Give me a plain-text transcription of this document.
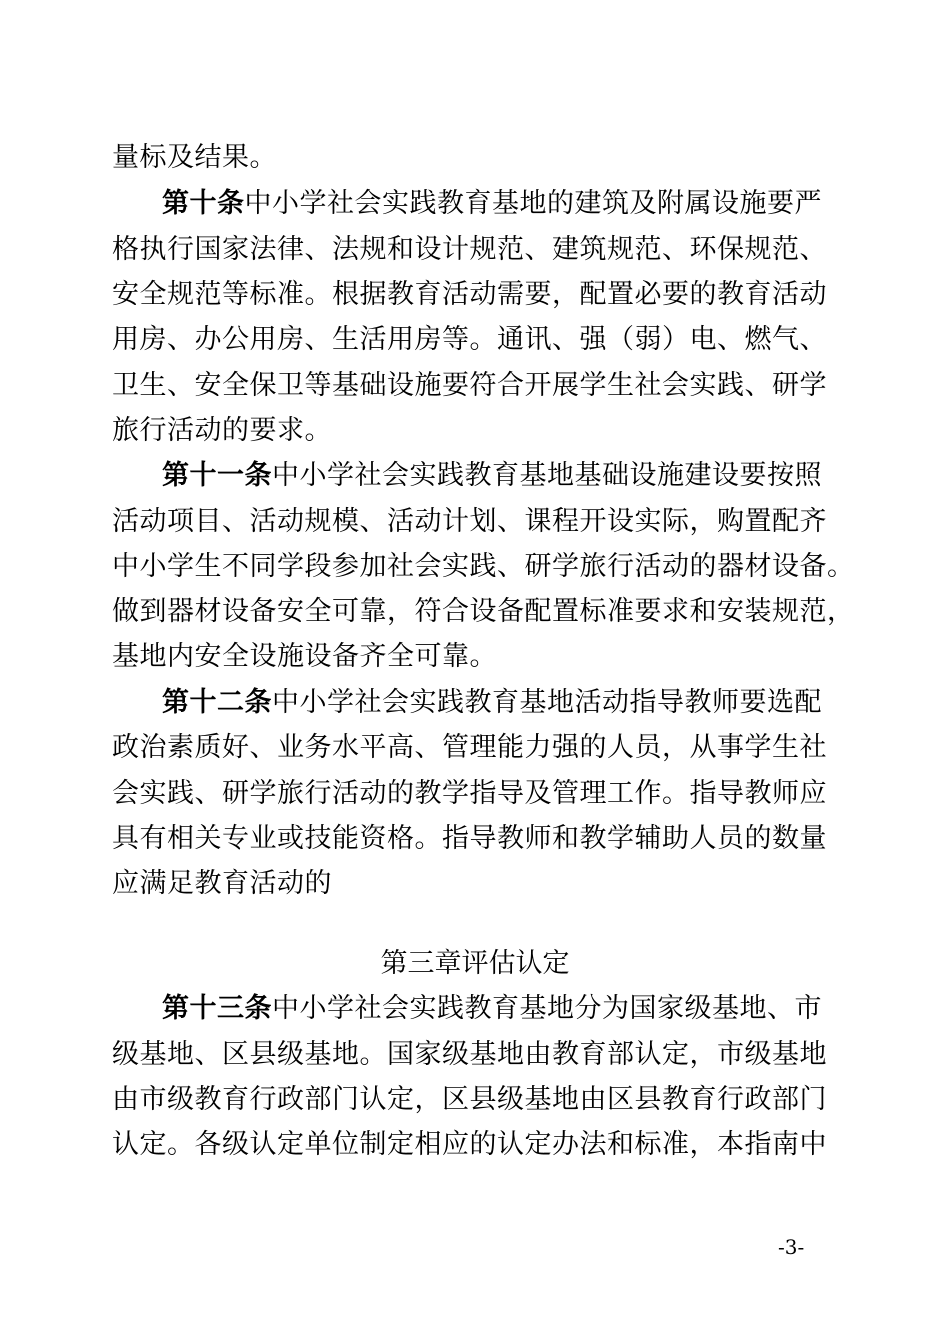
量标及结果。
第十条中小学社会实践教育基地的建筑及附属设施要严
格执行国家法律、法规和设计规范、建筑规范、环保规范、
安全规范等标准。根据教育活动需要，配置必要的教育活动
用房、办公用房、生活用房等。通讯、强（弱）电、燃气、
卫生、安全保卫等基础设施要符合开展学生社会实践、研学
旅行活动的要求。
第十一条中小学社会实践教育基地基础设施建设要按照
活动项目、活动规模、活动计划、课程开设实际，购置配齐
中小学生不同学段参加社会实践、研学旅行活动的器材设备。
做到器材设备安全可靠，符合设备配置标准要求和安装规范，
基地内安全设施设备齐全可靠。
第十二条中小学社会实践教育基地活动指导教师要选配
政治素质好、业务水平高、管理能力强的人员，从事学生社
会实践、研学旅行活动的教学指导及管理工作。指导教师应
具有相关专业或技能资格。指导教师和教学辅助人员的数量
应满足教育活动的
第三章评估认定
第十三条中小学社会实践教育基地分为国家级基地、市
级基地、区县级基地。国家级基地由教育部认定，市级基地
由市级教育行政部门认定，区县级基地由区县教育行政部门
认定。各级认定单位制定相应的认定办法和标准，本指南中
-3-
